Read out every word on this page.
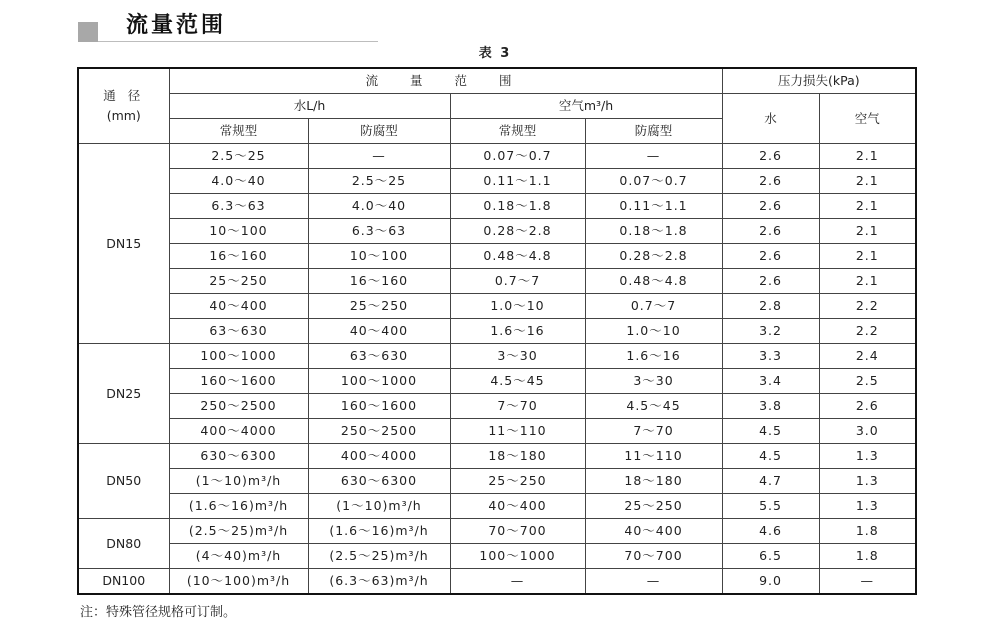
流量范围
表 3
通 径
(mm)	流 量 范 围				压力损失(kPa)	
	水L/h		空气m³/h		水	空气
	常规型	防腐型	常规型	防腐型		
DN15	2.5～25	—	0.07～0.7	—	2.6	2.1
	4.0～40	2.5～25	0.11～1.1	0.07～0.7	2.6	2.1
	6.3～63	4.0～40	0.18～1.8	0.11～1.1	2.6	2.1
	10～100	6.3～63	0.28～2.8	0.18～1.8	2.6	2.1
	16～160	10～100	0.48～4.8	0.28～2.8	2.6	2.1
	25～250	16～160	0.7～7	0.48～4.8	2.6	2.1
	40～400	25～250	1.0～10	0.7～7	2.8	2.2
	63～630	40～400	1.6～16	1.0～10	3.2	2.2
DN25	100～1000	63～630	3～30	1.6～16	3.3	2.4
	160～1600	100～1000	4.5～45	3～30	3.4	2.5
	250～2500	160～1600	7～70	4.5～45	3.8	2.6
	400～4000	250～2500	11～110	7～70	4.5	3.0
DN50	630～6300	400～4000	18～180	11～110	4.5	1.3
	(1～10)m³/h	630～6300	25～250	18～180	4.7	1.3
	(1.6～16)m³/h	(1～10)m³/h	40～400	25～250	5.5	1.3
DN80	(2.5～25)m³/h	(1.6～16)m³/h	70～700	40～400	4.6	1.8
	(4～40)m³/h	(2.5～25)m³/h	100～1000	70～700	6.5	1.8
DN100	(10～100)m³/h	(6.3～63)m³/h	—	—	9.0	—
注：特殊管径规格可订制。
